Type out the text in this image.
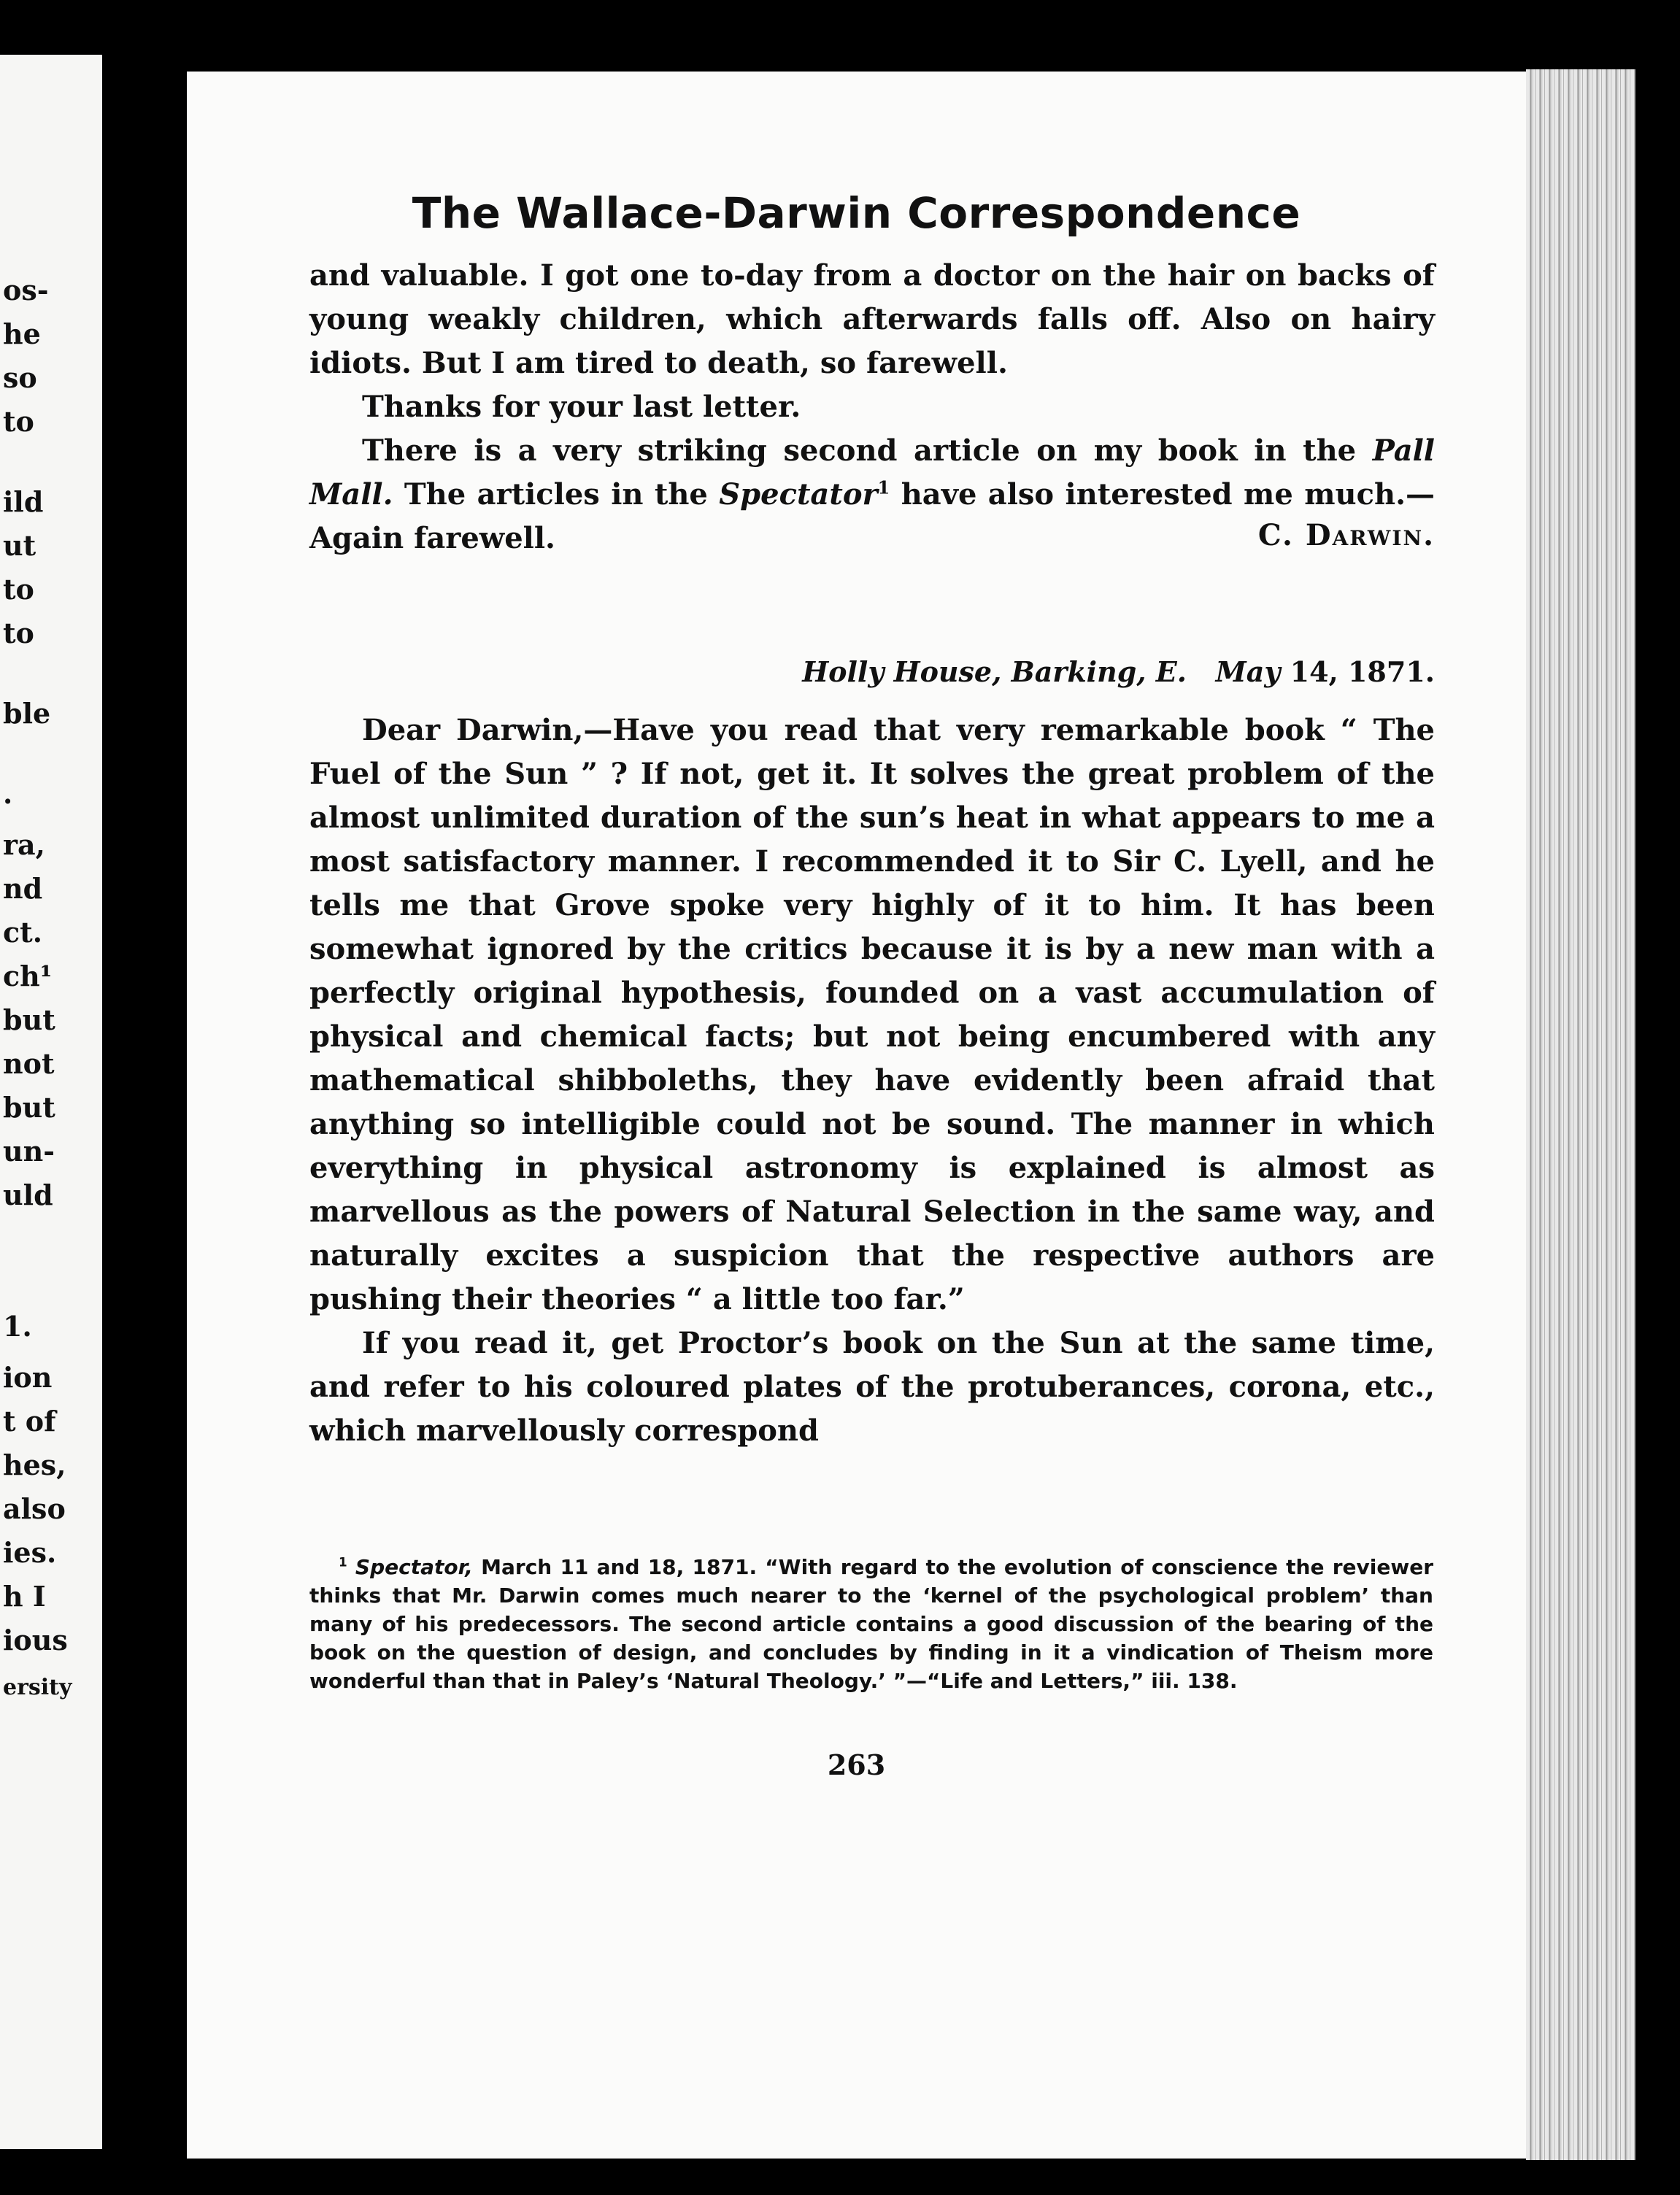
os-
he
so
to
ild
ut
to
to
ble
.
ra,
nd
ct.
ch¹
but
not
but
un-
uld
1.
ion
t of
hes,
also
ies.
h I
ious
ersity
The Wallace-Darwin Correspondence

and valuable. I got one to-day from a doctor on the hair on backs of young weakly children, which afterwards falls off. Also on hairy idiots. But I am tired to death, so farewell.

Thanks for your last letter.

There is a very striking second article on my book in the Pall Mall. The articles in the Spectator$^1$ have also interested me much.—Again farewell.	C. Darwin.
Holly House, Barking, E. May 14, 1871.

Dear Darwin,—Have you read that very remarkable book “ The Fuel of the Sun ” ? If not, get it. It solves the great problem of the almost unlimited duration of the sun’s heat in what appears to me a most satisfactory manner. I recommended it to Sir C. Lyell, and he tells me that Grove spoke very highly of it to him. It has been somewhat ignored by the critics because it is by a new man with a perfectly original hypothesis, founded on a vast accumulation of physical and chemical facts; but not being encumbered with any mathematical shibboleths, they have evidently been afraid that anything so intelligible could not be sound. The manner in which everything in physical astronomy is explained is almost as marvellous as the powers of Natural Selection in the same way, and naturally excites a suspicion that the respective authors are pushing their theories “ a little too far.”

If you read it, get Proctor’s book on the Sun at the same time, and refer to his coloured plates of the protuberances, corona, etc., which marvellously correspond

$^1$ Spectator, March 11 and 18, 1871. “With regard to the evolution of conscience the reviewer thinks that Mr. Darwin comes much nearer to the ‘kernel of the psychological problem’ than many of his predecessors. The second article contains a good discussion of the bearing of the book on the question of design, and concludes by finding in it a vindication of Theism more wonderful than that in Paley’s ‘Natural Theology.’ ”—“Life and Letters,” iii. 138.
263
